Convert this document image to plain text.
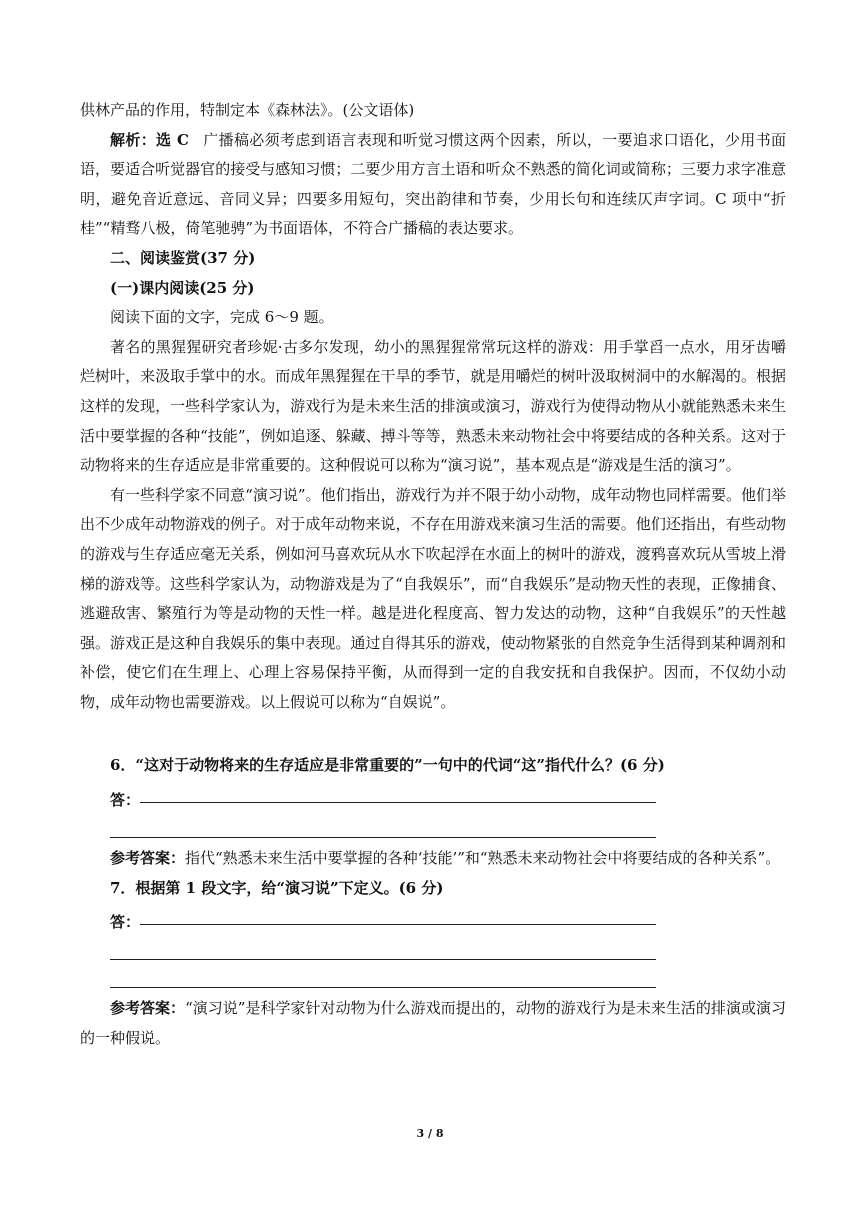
供林产品的作用，特制定本《森林法》。(公文语体)

解析：选 C 广播稿必须考虑到语言表现和听觉习惯这两个因素，所以，一要追求口语化，少用书面语，要适合听觉器官的接受与感知习惯；二要少用方言土语和听众不熟悉的简化词或简称；三要力求字准意明，避免音近意远、音同义异；四要多用短句，突出韵律和节奏，少用长句和连续仄声字词。C 项中“折桂”“精骛八极，倚笔驰骋”为书面语体，不符合广播稿的表达要求。

二、阅读鉴赏(37 分)

(一)课内阅读(25 分)

阅读下面的文字，完成 6～9 题。

著名的黑猩猩研究者珍妮·古多尔发现，幼小的黑猩猩常常玩这样的游戏：用手掌舀一点水，用牙齿嚼烂树叶，来汲取手掌中的水。而成年黑猩猩在干旱的季节，就是用嚼烂的树叶汲取树洞中的水解渴的。根据这样的发现，一些科学家认为，游戏行为是未来生活的排演或演习，游戏行为使得动物从小就能熟悉未来生活中要掌握的各种“技能”，例如追逐、躲藏、搏斗等等，熟悉未来动物社会中将要结成的各种关系。这对于动物将来的生存适应是非常重要的。这种假说可以称为“演习说”，基本观点是“游戏是生活的演习”。

有一些科学家不同意“演习说”。他们指出，游戏行为并不限于幼小动物，成年动物也同样需要。他们举出不少成年动物游戏的例子。对于成年动物来说，不存在用游戏来演习生活的需要。他们还指出，有些动物的游戏与生存适应毫无关系，例如河马喜欢玩从水下吹起浮在水面上的树叶的游戏，渡鸦喜欢玩从雪坡上滑梯的游戏等。这些科学家认为，动物游戏是为了“自我娱乐”，而“自我娱乐”是动物天性的表现，正像捕食、逃避敌害、繁殖行为等是动物的天性一样。越是进化程度高、智力发达的动物，这种“自我娱乐”的天性越强。游戏正是这种自我娱乐的集中表现。通过自得其乐的游戏，使动物紧张的自然竞争生活得到某种调剂和补偿，使它们在生理上、心理上容易保持平衡，从而得到一定的自我安抚和自我保护。因而，不仅幼小动物，成年动物也需要游戏。以上假说可以称为“自娱说”。

6．“这对于动物将来的生存适应是非常重要的”一句中的代词“这”指代什么？(6 分)

答：

参考答案：指代“熟悉未来生活中要掌握的各种‘技能’”和“熟悉未来动物社会中将要结成的各种关系”。

7．根据第 1 段文字，给“演习说”下定义。(6 分)

答：

参考答案：“演习说”是科学家针对动物为什么游戏而提出的，动物的游戏行为是未来生活的排演或演习的一种假说。

3 / 8
